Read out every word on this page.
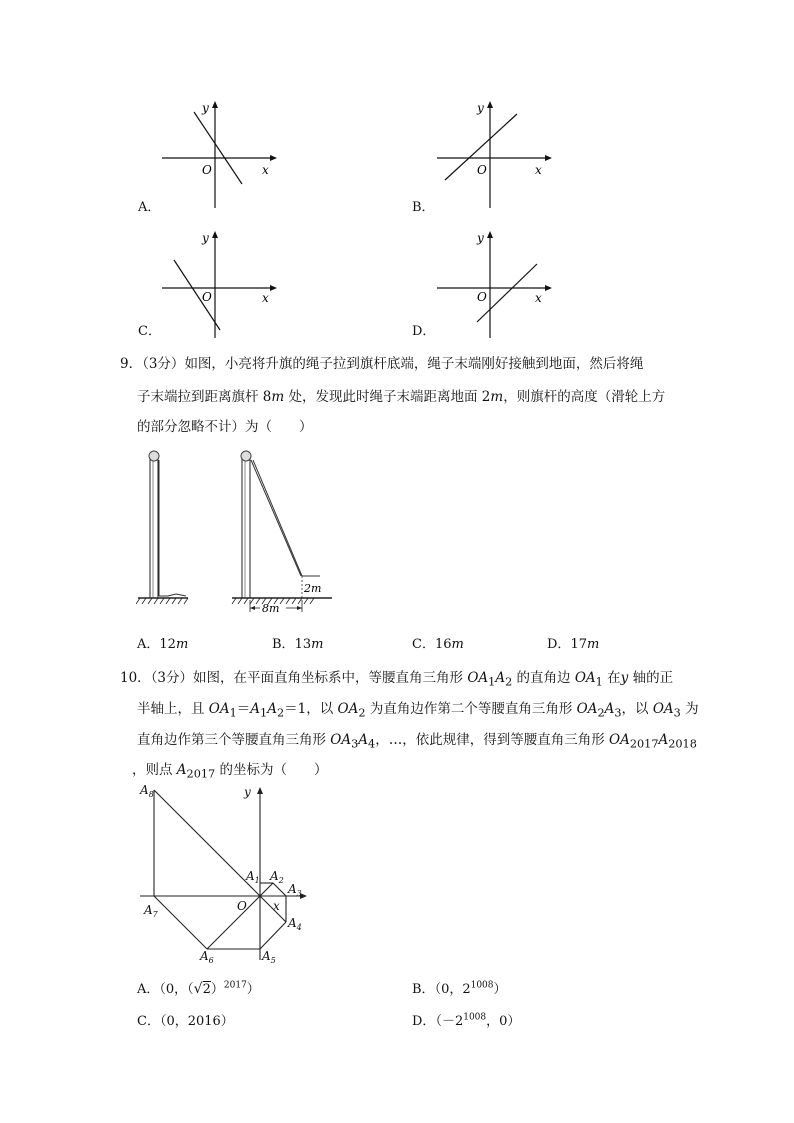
y
O	x
A．
y
O	x
B．
y
O	x
C．
y
O	x
D．
9．（3分）如图，小亮将升旗的绳子拉到旗杆底端，绳子末端刚好接触到地面，然后将绳
子末端拉到距离旗杆 8m 处，发现此时绳子末端距离地面 2m，则旗杆的高度（滑轮上方
的部分忽略不计）为（　　）
8m
2m
A．12m	B．13m	C．16m	D．17m
10．（3分）如图，在平面直角坐标系中，等腰直角三角形 $OA_1A_2$ 的直角边 $OA_1$ 在y 轴的正
半轴上，且 $OA_1=A_1A_2=1$，以 $OA_2$ 为直角边作第二个等腰直角三角形 $OA_2A_3$，以 $OA_3$ 为
直角边作第三个等腰直角三角形 $OA_3A_4$，…，依此规律，得到等腰直角三角形 $OA_{2017}A_{2018}$
，则点 $A_{2017}$ 的坐标为（　　）
$A_8$
$A_7$
$A_6$	$A_5$
$A_4$
$A_3$
$A_2$
$A_1$
O x
y
A．（0，$(√2)^{2017}$）	B．（0，$2^{1008}$）
C．（0，2016）	D．（$-2^{1008}$，0）
